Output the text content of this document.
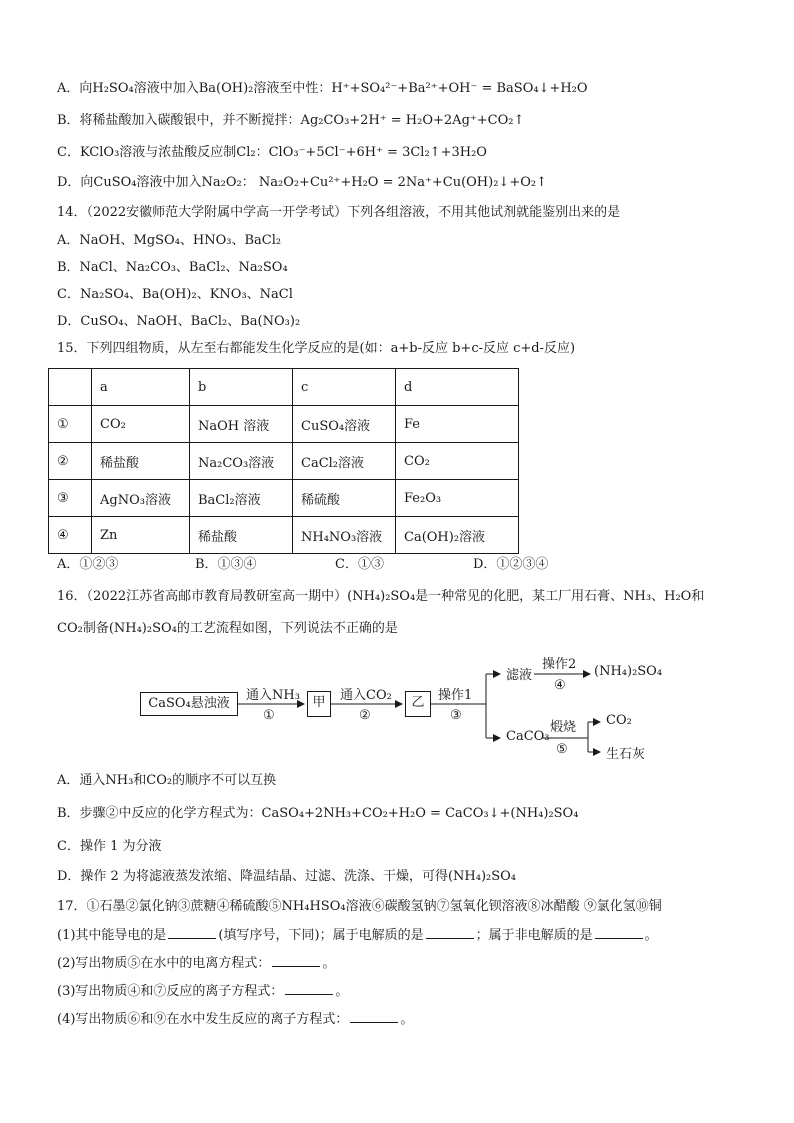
A．向H₂SO₄溶液中加入Ba(OH)₂溶液至中性：H⁺+SO₄²⁻+Ba²⁺+OH⁻ = BaSO₄↓+H₂O
B．将稀盐酸加入碳酸银中，并不断搅拌：Ag₂CO₃+2H⁺ = H₂O+2Ag⁺+CO₂↑
C．KClO₃溶液与浓盐酸反应制Cl₂：ClO₃⁻+5Cl⁻+6H⁺ = 3Cl₂↑+3H₂O
D．向CuSO₄溶液中加入Na₂O₂： Na₂O₂+Cu²⁺+H₂O = 2Na⁺+Cu(OH)₂↓+O₂↑
14．（2022安徽师范大学附属中学高一开学考试）下列各组溶液，不用其他试剂就能鉴别出来的是
A．NaOH、MgSO₄、HNO₃、BaCl₂
B．NaCl、Na₂CO₃、BaCl₂、Na₂SO₄
C．Na₂SO₄、Ba(OH)₂、KNO₃、NaCl
D．CuSO₄、NaOH、BaCl₂、Ba(NO₃)₂
15．下列四组物质，从左至右都能发生化学反应的是(如：a+b-反应 b+c-反应 c+d-反应)
	a	b	c	d
①	CO₂	NaOH 溶液	CuSO₄溶液	Fe
②	稀盐酸	Na₂CO₃溶液	CaCl₂溶液	CO₂
③	AgNO₃溶液	BaCl₂溶液	稀硫酸	Fe₂O₃
④	Zn	稀盐酸	NH₄NO₃溶液	Ca(OH)₂溶液
A．①②③	B．①③④	C．①③	D．①②③④
16．（2022江苏省高邮市教育局教研室高一期中）(NH₄)₂SO₄是一种常见的化肥，某工厂用石膏、NH₃、H₂O和
CO₂制备(NH₄)₂SO₄的工艺流程如图，下列说法不正确的是
CaSO₄悬浊液
通入NH₃
①
甲	通入CO₂
②
乙	操作1
③
滤液
操作2
④
(NH₄)₂SO₄
CaCO₃
煅烧
⑤
CO₂
生石灰
A．通入NH₃和CO₂的顺序不可以互换
B．步骤②中反应的化学方程式为：CaSO₄+2NH₃+CO₂+H₂O = CaCO₃↓+(NH₄)₂SO₄
C．操作 1 为分液
D．操作 2 为将滤液蒸发浓缩、降温结晶、过滤、洗涤、干燥，可得(NH₄)₂SO₄
17．①石墨②氯化钠③蔗糖④稀硫酸⑤NH₄HSO₄溶液⑥碳酸氢钠⑦氢氧化钡溶液⑧冰醋酸 ⑨氯化氢⑩铜
(1)其中能导电的是	(填写序号，下同)；属于电解质的是	；属于非电解质的是	。
(2)写出物质⑤在水中的电离方程式：	。
(3)写出物质④和⑦反应的离子方程式：	。
(4)写出物质⑥和⑨在水中发生反应的离子方程式：	。
